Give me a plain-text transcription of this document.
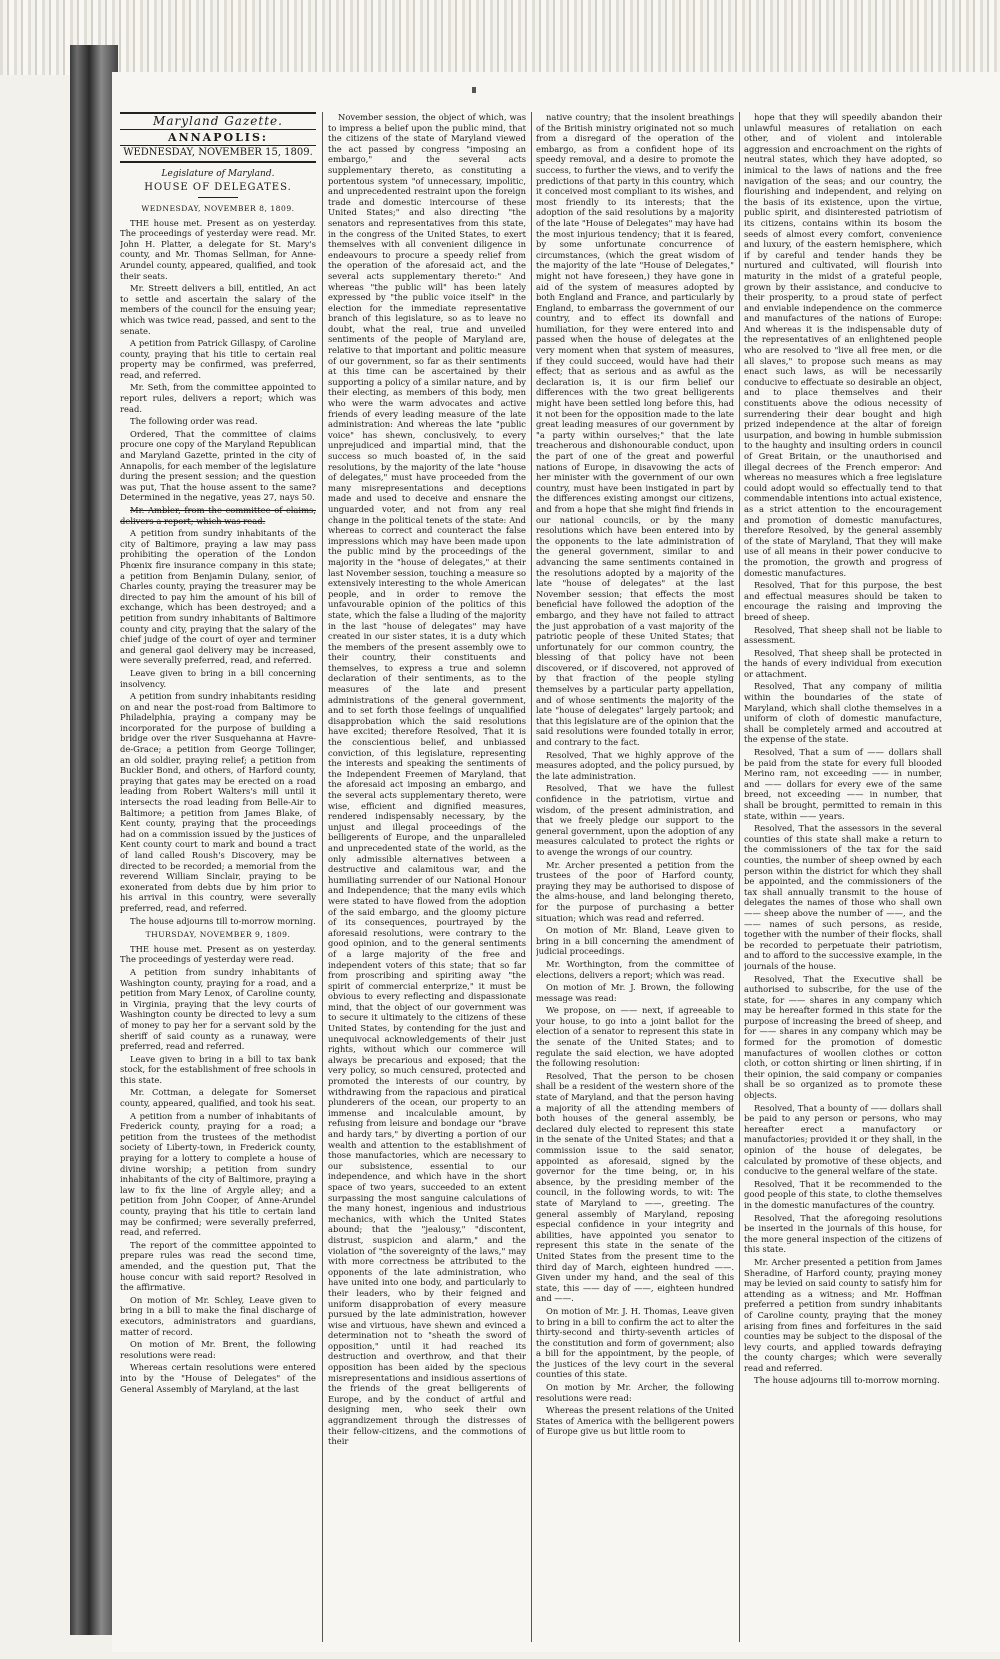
Maryland Gazette.
ANNAPOLIS:
WEDNESDAY, NOVEMBER 15, 1809.
Legislature of Maryland.
HOUSE OF DELEGATES.
WEDNESDAY, NOVEMBER 8, 1809.

THE house met. Present as on yesterday. The proceedings of yesterday were read. Mr. John H. Platter, a delegate for St. Mary's county, and Mr. Thomas Sellman, for Anne-Arundel county, appeared, qualified, and took their seats.

Mr. Streett delivers a bill, entitled, An act to settle and ascertain the salary of the members of the council for the ensuing year; which was twice read, passed, and sent to the senate.

A petition from Patrick Gillaspy, of Caroline county, praying that his title to certain real property may be confirmed, was preferred, read, and referred.

Mr. Seth, from the committee appointed to report rules, delivers a report; which was read.

The following order was read.

Ordered, That the committee of claims procure one copy of the Maryland Republican and Maryland Gazette, printed in the city of Annapolis, for each member of the legislature during the present session; and the question was put, That the house assent to the same? Determined in the negative, yeas 27, nays 50.

Mr. Ambler, from the committee of claims, delivers a report; which was read.

A petition from sundry inhabitants of the city of Baltimore, praying a law may pass prohibiting the operation of the London Phœnix fire insurance company in this state; a petition from Benjamin Dulany, senior, of Charles county, praying the treasurer may be directed to pay him the amount of his bill of exchange, which has been destroyed; and a petition from sundry inhabitants of Baltimore county and city, praying that the salary of the chief judge of the court of oyer and terminer and general gaol delivery may be increased, were severally preferred, read, and referred.

Leave given to bring in a bill concerning insolvency.

A petition from sundry inhabitants residing on and near the post-road from Baltimore to Philadelphia, praying a company may be incorporated for the purpose of building a bridge over the river Susquehanna at Havre-de-Grace; a petition from George Tollinger, an old soldier, praying relief; a petition from Buckler Bond, and others, of Harford county, praying that gates may be erected on a road leading from Robert Walters's mill until it intersects the road leading from Belle-Air to Baltimore; a petition from James Blake, of Kent county, praying that the proceedings had on a commission issued by the justices of Kent county court to mark and bound a tract of land called Roush's Discovery, may be directed to be recorded; a memorial from the reverend William Sinclair, praying to be exonerated from debts due by him prior to his arrival in this country, were severally preferred, read, and referred.

The house adjourns till to-morrow morning.

THURSDAY, NOVEMBER 9, 1809.

THE house met. Present as on yesterday. The proceedings of yesterday were read.

A petition from sundry inhabitants of Washington county, praying for a road, and a petition from Mary Lenox, of Caroline county, in Virginia, praying that the levy courts of Washington county be directed to levy a sum of money to pay her for a servant sold by the sheriff of said county as a runaway, were preferred, read and referred.

Leave given to bring in a bill to tax bank stock, for the establishment of free schools in this state.

Mr. Cottman, a delegate for Somerset county, appeared, qualified, and took his seat.

A petition from a number of inhabitants of Frederick county, praying for a road; a petition from the trustees of the methodist society of Liberty-town, in Frederick county, praying for a lottery to complete a house of divine worship; a petition from sundry inhabitants of the city of Baltimore, praying a law to fix the line of Argyle alley; and a petition from John Cooper, of Anne-Arundel county, praying that his title to certain land may be confirmed; were severally preferred, read, and referred.

The report of the committee appointed to prepare rules was read the second time, amended, and the question put, That the house concur with said report? Resolved in the affirmative.

On motion of Mr. Schley, Leave given to bring in a bill to make the final discharge of executors, administrators and guardians, matter of record.

On motion of Mr. Brent, the following resolutions were read:

Whereas certain resolutions were entered into by the "House of Delegates" of the General Assembly of Maryland, at the last

November session, the object of which, was to impress a belief upon the public mind, that the citizens of the state of Maryland viewed the act passed by congress "imposing an embargo," and the several acts supplementary thereto, as constituting a portentous system "of unnecessary, impolitic, and unprecedented restraint upon the foreign trade and domestic intercourse of these United States;" and also directing "the senators and representatives from this state, in the congress of the United States, to exert themselves with all convenient diligence in endeavours to procure a speedy relief from the operation of the aforesaid act, and the several acts supplementary thereto:" And whereas "the public will" has been lately expressed by "the public voice itself" in the election for the immediate representative branch of this legislature, so as to leave no doubt, what the real, true and unveiled sentiments of the people of Maryland are, relative to that important and politic measure of our government, so far as their sentiments at this time can be ascertained by their supporting a policy of a similar nature, and by their electing, as members of this body, men who were the warm advocates and active friends of every leading measure of the late administration: And whereas the late "public voice" has shewn, conclusively, to every unprejudiced and impartial mind, that the success so much boasted of, in the said resolutions, by the majority of the late "house of delegates," must have proceeded from the many misrepresentations and deceptions made and used to deceive and ensnare the unguarded voter, and not from any real change in the political tenets of the state: And whereas to correct and counteract the false impressions which may have been made upon the public mind by the proceedings of the majority in the "house of delegates," at their last November session, touching a measure so extensively interesting to the whole American people, and in order to remove the unfavourable opinion of the politics of this state, which the false a lluding of the majority in the last "house of delegates" may have created in our sister states, it is a duty which the members of the present assembly owe to their country, their constituents and themselves, to express a true and solemn declaration of their sentiments, as to the measures of the late and present administrations of the general government, and to set forth those feelings of unqualified disapprobation which the said resolutions have excited; therefore Resolved, That it is the conscientious belief, and unbiassed conviction, of this legislature, representing the interests and speaking the sentiments of the Independent Freemen of Maryland, that the aforesaid act imposing an embargo, and the several acts supplementary thereto, were wise, efficient and dignified measures, rendered indispensably necessary, by the unjust and illegal proceedings of the belligerents of Europe, and the unparalleled and unprecedented state of the world, as the only admissible alternatives between a destructive and calamitous war, and the humiliating surrender of our National Honour and Independence; that the many evils which were stated to have flowed from the adoption of the said embargo, and the gloomy picture of its consequences, pourtrayed by the aforesaid resolutions, were contrary to the good opinion, and to the general sentiments of a large majority of the free and independent voters of this state; that so far from proscribing and spiriting away "the spirit of commercial enterprize," it must be obvious to every reflecting and dispassionate mind, that the object of our government was to secure it ultimately to the citizens of these United States, by contending for the just and unequivocal acknowledgements of their just rights, without which our commerce will always be precarious and exposed; that the very policy, so much censured, protected and promoted the interests of our country, by withdrawing from the rapacious and piratical plunderers of the ocean, our property to an immense and incalculable amount, by refusing from leisure and bondage our "brave and hardy tars," by diverting a portion of our wealth and attention to the establishment of those manufactories, which are necessary to our subsistence, essential to our independence, and which have in the short space of two years, succeeded to an extent surpassing the most sanguine calculations of the many honest, ingenious and industrious mechanics, with which the United States abound; that the "jealousy," "discontent, distrust, suspicion and alarm," and the violation of "the sovereignty of the laws," may with more correctness be attributed to the opponents of the late administration, who have united into one body, and particularly to their leaders, who by their feigned and uniform disapprobation of every measure pursued by the late administration, however wise and virtuous, have shewn and evinced a determination not to "sheath the sword of opposition," until it had reached its destruction and overthrow, and that their opposition has been aided by the specious misrepresentations and insidious assertions of the friends of the great belligerents of Europe, and by the conduct of artful and designing men, who seek their own aggrandizement through the distresses of their fellow-citizens, and the commotions of their

native country; that the insolent breathings of the British ministry originated not so much from a disregard of the operation of the embargo, as from a confident hope of its speedy removal, and a desire to promote the success, to further the views, and to verify the predictions of that party in this country, which it conceived most compliant to its wishes, and most friendly to its interests; that the adoption of the said resolutions by a majority of the late "House of Delegates" may have had the most injurious tendency; that it is feared, by some unfortunate concurrence of circumstances, (which the great wisdom of the majority of the late "House of Delegates," might not have foreseen,) they have gone in aid of the system of measures adopted by both England and France, and particularly by England, to embarrass the government of our country, and to effect its downfall and humiliation, for they were entered into and passed when the house of delegates at the very moment when that system of measures, if they could succeed, would have had their effect; that as serious and as awful as the declaration is, it is our firm belief our differences with the two great belligerents might have been settled long before this, had it not been for the opposition made to the late great leading measures of our government by "a party within ourselves;" that the late treacherous and dishonourable conduct, upon the part of one of the great and powerful nations of Europe, in disavowing the acts of her minister with the government of our own country, must have been instigated in part by the differences existing amongst our citizens, and from a hope that she might find friends in our national councils, or by the many resolutions which have been entered into by the opponents to the late administration of the general government, similar to and advancing the same sentiments contained in the resolutions adopted by a majority of the late "house of delegates" at the last November session; that effects the most beneficial have followed the adoption of the embargo, and they have not failed to attract the just approbation of a vast majority of the patriotic people of these United States; that unfortunately for our common country, the blessing of that policy have not been discovered, or if discovered, not approved of by that fraction of the people styling themselves by a particular party appellation, and of whose sentiments the majority of the late "house of delegates" largely partook; and that this legislature are of the opinion that the said resolutions were founded totally in error, and contrary to the fact.

Resolved, That we highly approve of the measures adopted, and the policy pursued, by the late administration.

Resolved, That we have the fullest confidence in the patriotism, virtue and wisdom, of the present administration, and that we freely pledge our support to the general government, upon the adoption of any measures calculated to protect the rights or to avenge the wrongs of our country.

Mr. Archer presented a petition from the trustees of the poor of Harford county, praying they may be authorised to dispose of the alms-house, and land belonging thereto, for the purpose of purchasing a better situation; which was read and referred.

On motion of Mr. Bland, Leave given to bring in a bill concerning the amendment of judicial proceedings.

Mr. Worthington, from the committee of elections, delivers a report; which was read.

On motion of Mr. J. Brown, the following message was read:

We propose, on —— next, if agreeable to your house, to go into a joint ballot for the election of a senator to represent this state in the senate of the United States; and to regulate the said election, we have adopted the following resolution:

Resolved, That the person to be chosen shall be a resident of the western shore of the state of Maryland, and that the person having a majority of all the attending members of both houses of the general assembly, be declared duly elected to represent this state in the senate of the United States; and that a commission issue to the said senator, appointed as aforesaid, signed by the governor for the time being, or, in his absence, by the presiding member of the council, in the following words, to wit: The state of Maryland to ——, greeting. The general assembly of Maryland, reposing especial confidence in your integrity and abilities, have appointed you senator to represent this state in the senate of the United States from the present time to the third day of March, eighteen hundred ——. Given under my hand, and the seal of this state, this —— day of ——, eighteen hundred and ——.

On motion of Mr. J. H. Thomas, Leave given to bring in a bill to confirm the act to alter the thirty-second and thirty-seventh articles of the constitution and form of government; also a bill for the appointment, by the people, of the justices of the levy court in the several counties of this state.

On motion by Mr. Archer, the following resolutions were read:

Whereas the present relations of the United States of America with the belligerent powers of Europe give us but little room to

hope that they will speedily abandon their unlawful measures of retaliation on each other, and of violent and intolerable aggression and encroachment on the rights of neutral states, which they have adopted, so inimical to the laws of nations and the free navigation of the seas; and our country, the flourishing and independent, and relying on the basis of its existence, upon the virtue, public spirit, and disinterested patriotism of its citizens, contains within its bosom the seeds of almost every comfort, convenience and luxury, of the eastern hemisphere, which if by careful and tender hands they be nurtured and cultivated, will flourish into maturity in the midst of a grateful people, grown by their assistance, and conducive to their prosperity, to a proud state of perfect and enviable independence on the commerce and manufactures of the nations of Europe: And whereas it is the indispensable duty of the representatives of an enlightened people who are resolved to "live all free men, or die all slaves," to propose such means as may enact such laws, as will be necessarily conducive to effectuate so desirable an object, and to place themselves and their constituents above the odious necessity of surrendering their dear bought and high prized independence at the altar of foreign usurpation, and bowing in humble submission to the haughty and insulting orders in council of Great Britain, or the unauthorised and illegal decrees of the French emperor: And whereas no measures which a free legislature could adopt would so effectually tend to that commendable intentions into actual existence, as a strict attention to the encouragement and promotion of domestic manufactures, therefore Resolved, by the general assembly of the state of Maryland, That they will make use of all means in their power conducive to the promotion, the growth and progress of domestic manufactures.

Resolved, That for this purpose, the best and effectual measures should be taken to encourage the raising and improving the breed of sheep.

Resolved, That sheep shall not be liable to assessment.

Resolved, That sheep shall be protected in the hands of every individual from execution or attachment.

Resolved, That any company of militia within the boundaries of the state of Maryland, which shall clothe themselves in a uniform of cloth of domestic manufacture, shall be completely armed and accoutred at the expense of the state.

Resolved, That a sum of —— dollars shall be paid from the state for every full blooded Merino ram, not exceeding —— in number, and —— dollars for every ewe of the same breed, not exceeding —— in number, that shall be brought, permitted to remain in this state, within —— years.

Resolved, That the assessors in the several counties of this state shall make a return to the commissioners of the tax for the said counties, the number of sheep owned by each person within the district for which they shall be appointed, and the commissioners of the tax shall annually transmit to the house of delegates the names of those who shall own —— sheep above the number of ——, and the —— names of such persons, as reside, together with the number of their flocks, shall be recorded to perpetuate their patriotism, and to afford to the successive example, in the journals of the house.

Resolved, That the Executive shall be authorised to subscribe, for the use of the state, for —— shares in any company which may be hereafter formed in this state for the purpose of increasing the breed of sheep, and for —— shares in any company which may be formed for the promotion of domestic manufactures of woollen clothes or cotton cloth, or cotton shirting or linen shirting, if in their opinion, the said company or companies shall be so organized as to promote these objects.

Resolved, That a bounty of —— dollars shall be paid to any person or persons, who may hereafter erect a manufactory or manufactories; provided it or they shall, in the opinion of the house of delegates, be calculated by promotive of these objects, and conducive to the general welfare of the state.

Resolved, That it be recommended to the good people of this state, to clothe themselves in the domestic manufactures of the country.

Resolved, That the aforegoing resolutions be inserted in the journals of this house, for the more general inspection of the citizens of this state.

Mr. Archer presented a petition from James Sheradine, of Harford county, praying money may be levied on said county to satisfy him for attending as a witness; and Mr. Hoffman preferred a petition from sundry inhabitants of Caroline county, praying that the money arising from fines and forfeitures in the said counties may be subject to the disposal of the levy courts, and applied towards defraying the county charges; which were severally read and referred.

The house adjourns till to-morrow morning.
